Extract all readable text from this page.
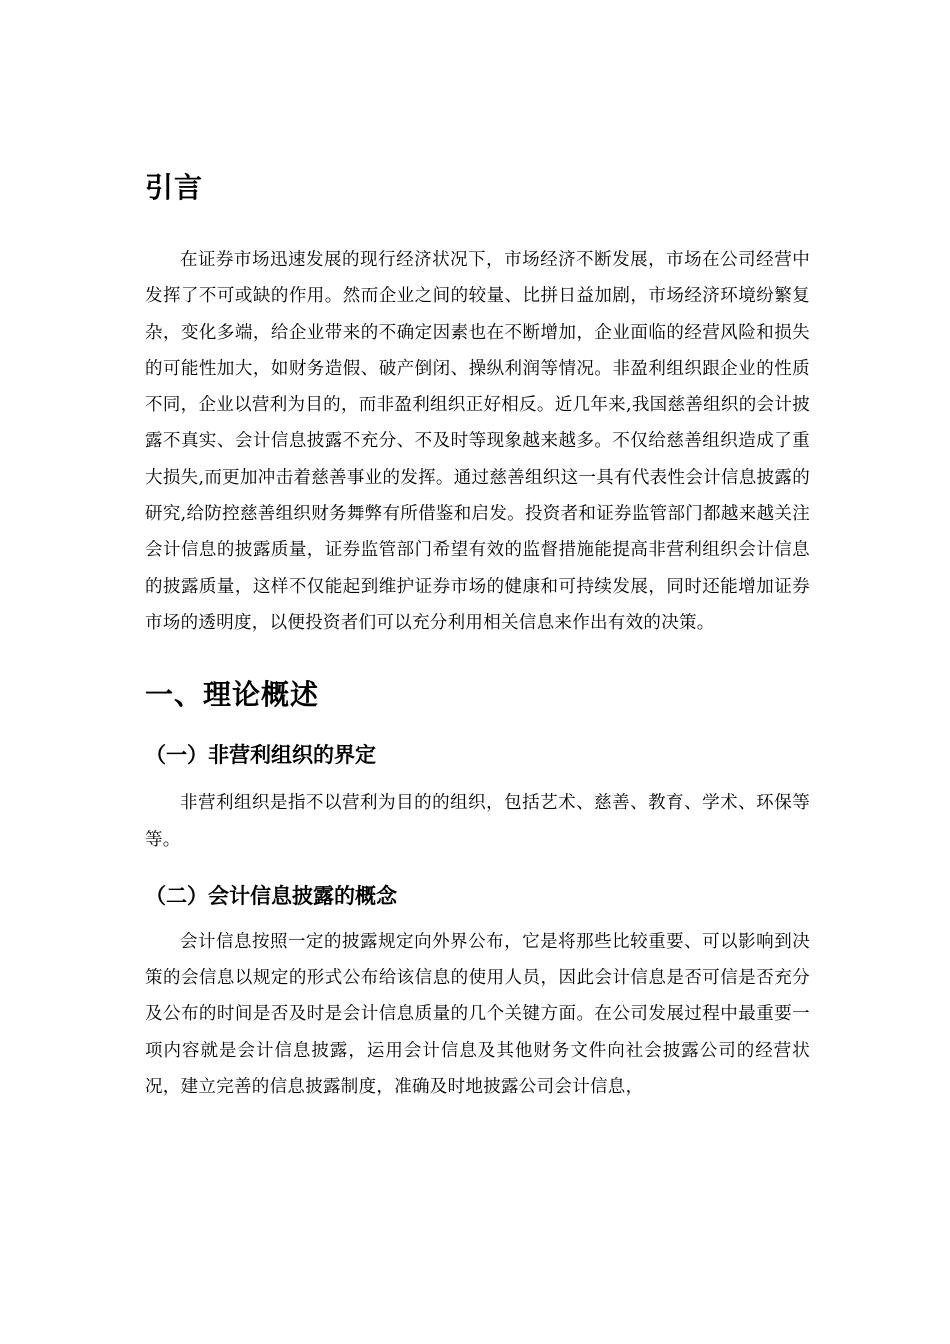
引言

在证券市场迅速发展的现行经济状况下，市场经济不断发展，市场在公司经营中发挥了不可或缺的作用。然而企业之间的较量、比拼日益加剧，市场经济环境纷繁复杂，变化多端，给企业带来的不确定因素也在不断增加，企业面临的经营风险和损失的可能性加大，如财务造假、破产倒闭、操纵利润等情况。非盈利组织跟企业的性质不同，企业以营利为目的，而非盈利组织正好相反。近几年来,我国慈善组织的会计披露不真实、会计信息披露不充分、不及时等现象越来越多。不仅给慈善组织造成了重大损失,而更加冲击着慈善事业的发挥。通过慈善组织这一具有代表性会计信息披露的研究,给防控慈善组织财务舞弊有所借鉴和启发。投资者和证券监管部门都越来越关注会计信息的披露质量，证券监管部门希望有效的监督措施能提高非营利组织会计信息的披露质量，这样不仅能起到维护证券市场的健康和可持续发展，同时还能增加证券市场的透明度，以便投资者们可以充分利用相关信息来作出有效的决策。

一、理论概述
（一）非营利组织的界定

非营利组织是指不以营利为目的的组织，包括艺术、慈善、教育、学术、环保等等。

（二）会计信息披露的概念

会计信息按照一定的披露规定向外界公布，它是将那些比较重要、可以影响到决策的会信息以规定的形式公布给该信息的使用人员，因此会计信息是否可信是否充分及公布的时间是否及时是会计信息质量的几个关键方面。在公司发展过程中最重要一项内容就是会计信息披露，运用会计信息及其他财务文件向社会披露公司的经营状况，建立完善的信息披露制度，准确及时地披露公司会计信息，
